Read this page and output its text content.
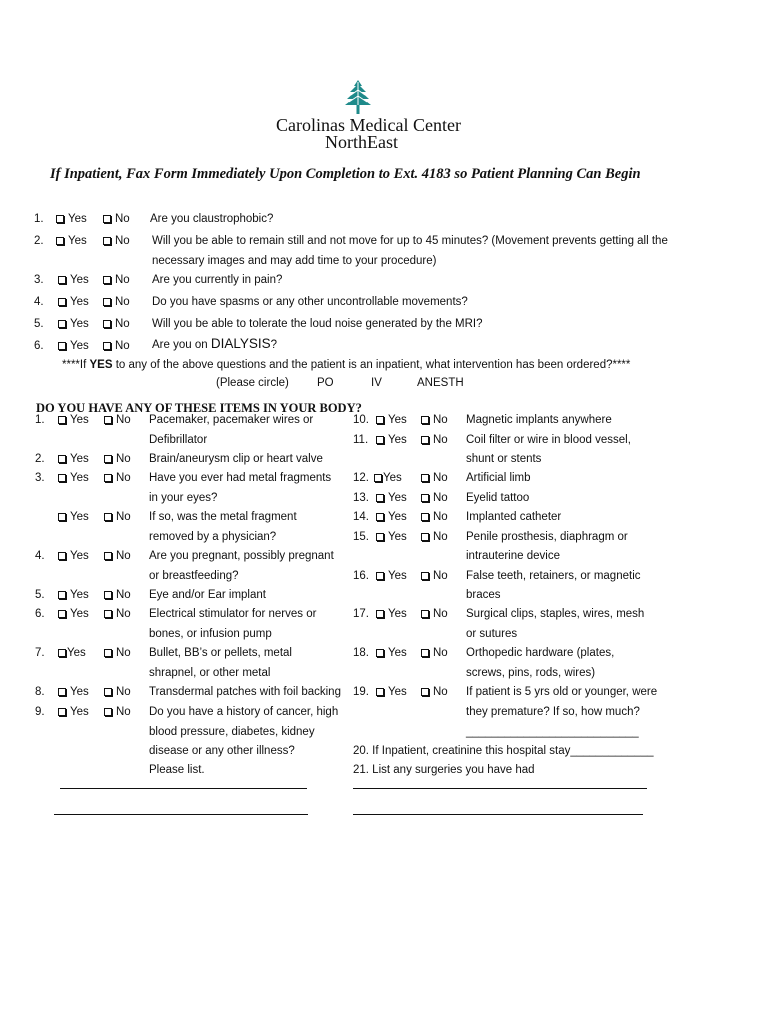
Carolinas Medical Center
NorthEast
If Inpatient, Fax Form Immediately Upon Completion to Ext. 4183 so Patient Planning Can Begin
1.	Yes	No Are you claustrophobic?
2.	Yes	No Will you be able to remain still and not move for up to 45 minutes? (Movement prevents getting all the
necessary images and may add time to your procedure)
3.	Yes	No Are you currently in pain?
4.	Yes	No Do you have spasms or any other uncontrollable movements?
5.	Yes	No Will you be able to tolerate the loud noise generated by the MRI?
6.	Yes	No Are you on DIALYSIS?
****If YES to any of the above questions and the patient is an inpatient, what intervention has been ordered?****
(Please circle) PO	IV	ANESTH
DO YOU HAVE ANY OF THESE ITEMS IN YOUR BODY?
1.	Yes	No Pacemaker, pacemaker wires or
Defibrillator
2.	Yes	No Brain/aneurysm clip or heart valve
3.	Yes	No Have you ever had metal fragments
in your eyes?
Yes	No If so, was the metal fragment
removed by a physician?
4.	Yes	No Are you pregnant, possibly pregnant
or breastfeeding?
5.	Yes	No Eye and/or Ear implant
6.	Yes	No Electrical stimulator for nerves or
bones, or infusion pump
7.	Yes	No Bullet, BB’s or pellets, metal
shrapnel, or other metal
8.	Yes	No Transdermal patches with foil backing
9.	Yes	No Do you have a history of cancer, high
blood pressure, diabetes, kidney
disease or any other illness?
Please list.
10.	Yes	No Magnetic implants anywhere
11.	Yes	No Coil filter or wire in blood vessel,
shunt or stents
12.	Yes	No Artificial limb
13.	Yes	No Eyelid tattoo
14.	Yes	No Implanted catheter
15.	Yes	No Penile prosthesis, diaphragm or
intrauterine device
16.	Yes	No False teeth, retainers, or magnetic
braces
17.	Yes	No Surgical clips, staples, wires, mesh
or sutures
18.	Yes	No Orthopedic hardware (plates,
screws, pins, rods, wires)
19.	Yes	No If patient is 5 yrs old or younger, were
they premature? If so, how much?
___________________________
20. If Inpatient, creatinine this hospital stay_____________
21. List any surgeries you have had
